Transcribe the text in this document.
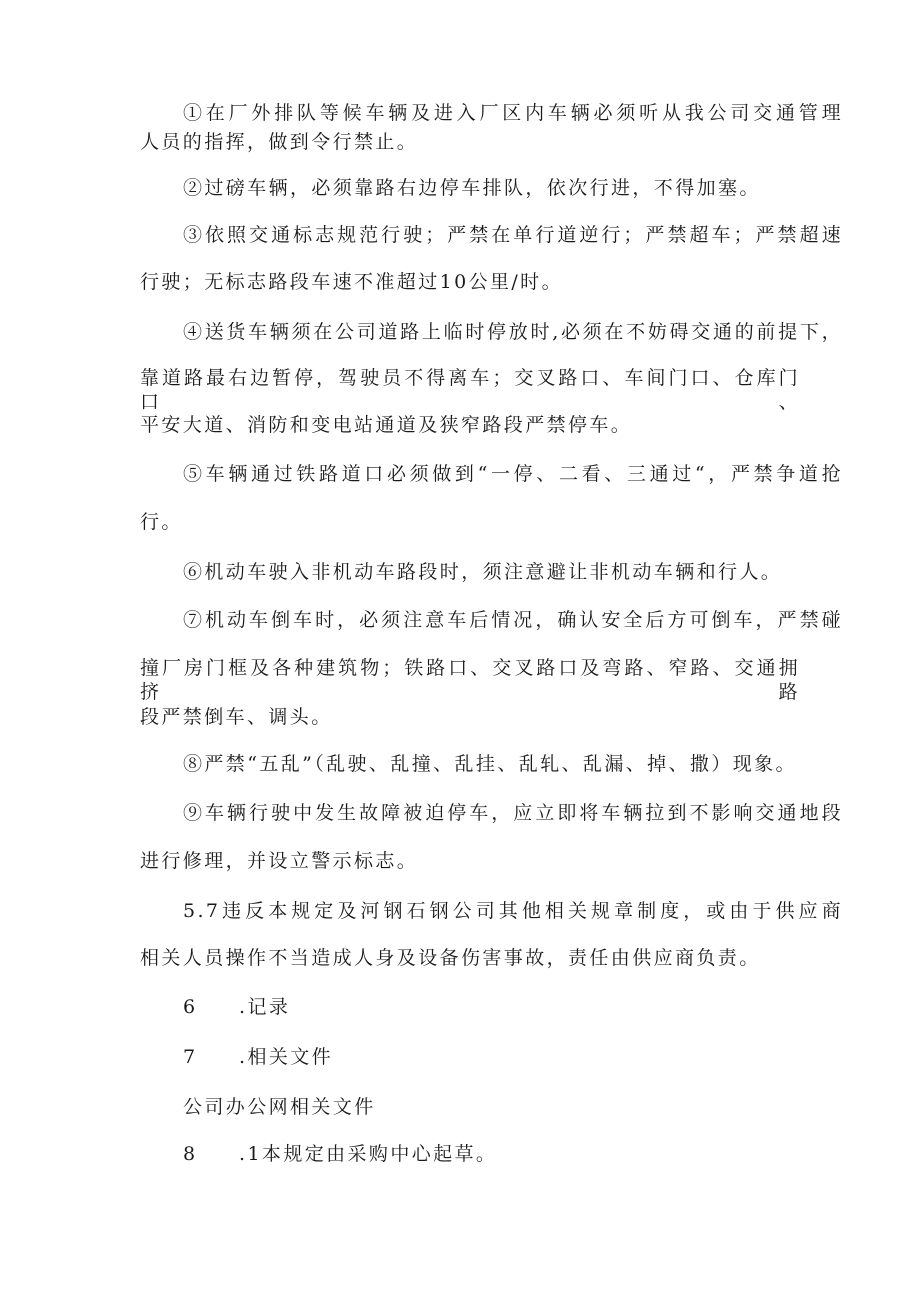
①在厂外排队等候车辆及进入厂区内车辆必须听从我公司交通管理
人员的指挥，做到令行禁止。
②过磅车辆，必须靠路右边停车排队，依次行进，不得加塞。
③依照交通标志规范行驶；严禁在单行道逆行；严禁超车；严禁超速
行驶；无标志路段车速不准超过10公里/时。
④送货车辆须在公司道路上临时停放时,必须在不妨碍交通的前提下，
靠道路最右边暂停，驾驶员不得离车；交叉路口、车间门口、仓库门口、
平安大道、消防和变电站通道及狭窄路段严禁停车。
⑤车辆通过铁路道口必须做到“一停、二看、三通过“，严禁争道抢
行。
⑥机动车驶入非机动车路段时，须注意避让非机动车辆和行人。
⑦机动车倒车时，必须注意车后情况，确认安全后方可倒车，严禁碰
撞厂房门框及各种建筑物；铁路口、交叉路口及弯路、窄路、交通拥挤路
段严禁倒车、调头。
⑧严禁“五乱”（乱驶、乱撞、乱挂、乱轧、乱漏、掉、撒）现象。
⑨车辆行驶中发生故障被迫停车，应立即将车辆拉到不影响交通地段
进行修理，并设立警示标志。
5.7违反本规定及河钢石钢公司其他相关规章制度，或由于供应商
相关人员操作不当造成人身及设备伤害事故，责任由供应商负责。
6 .记录
7 .相关文件
公司办公网相关文件
8 .1本规定由采购中心起草。
